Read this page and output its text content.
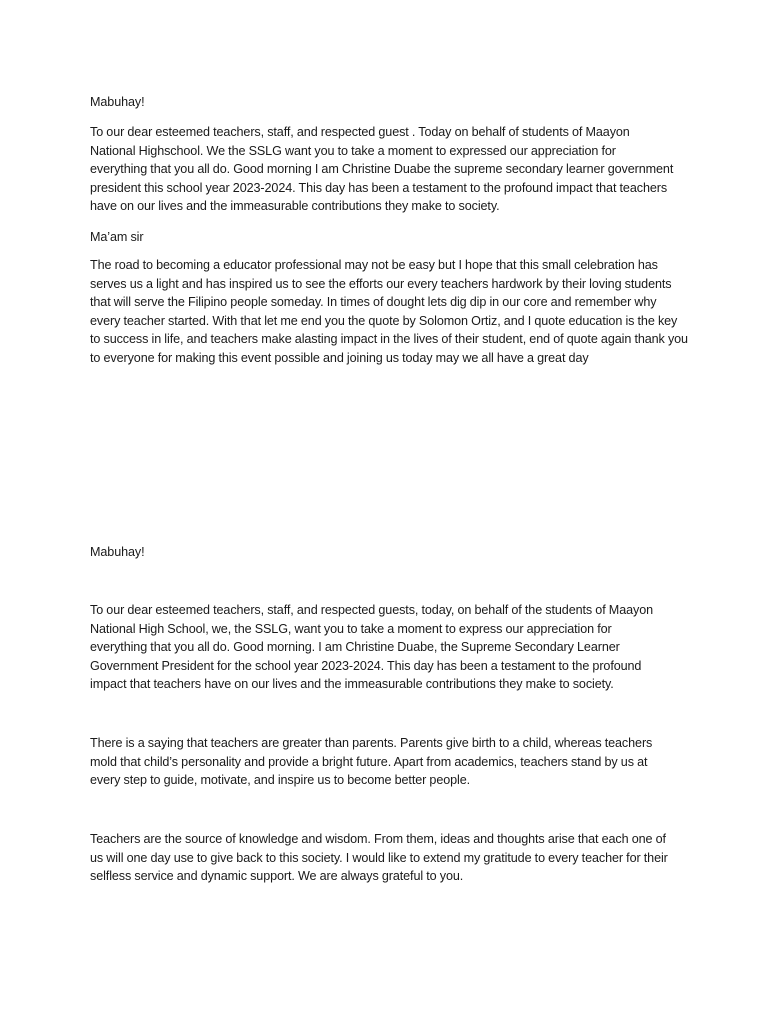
Mabuhay!

To our dear esteemed teachers, staff, and respected guest . Today on behalf of students of Maayon National Highschool. We the SSLG want you to take a moment to expressed our appreciation for everything that you all do. Good morning I am Christine Duabe the supreme secondary learner government president this school year 2023-2024. This day has been a testament to the profound impact that teachers have on our lives and the immeasurable contributions they make to society.

Ma’am sir

The road to becoming a educator professional may not be easy but I hope that this small celebration has serves us a light and has inspired us to see the efforts our every teachers hardwork by their loving students that will serve the Filipino people someday. In times of dought lets dig dip in our core and remember why every teacher started. With that let me end you the quote by Solomon Ortiz, and I quote education is the key to success in life, and teachers make alasting impact in the lives of their student, end of quote again thank you to everyone for making this event possible and joining us today may we all have a great day

Mabuhay!

To our dear esteemed teachers, staff, and respected guests, today, on behalf of the students of Maayon National High School, we, the SSLG, want you to take a moment to express our appreciation for everything that you all do. Good morning. I am Christine Duabe, the Supreme Secondary Learner Government President for the school year 2023-2024. This day has been a testament to the profound impact that teachers have on our lives and the immeasurable contributions they make to society.

There is a saying that teachers are greater than parents. Parents give birth to a child, whereas teachers mold that child’s personality and provide a bright future. Apart from academics, teachers stand by us at every step to guide, motivate, and inspire us to become better people.

Teachers are the source of knowledge and wisdom. From them, ideas and thoughts arise that each one of us will one day use to give back to this society. I would like to extend my gratitude to every teacher for their selfless service and dynamic support. We are always grateful to you.
